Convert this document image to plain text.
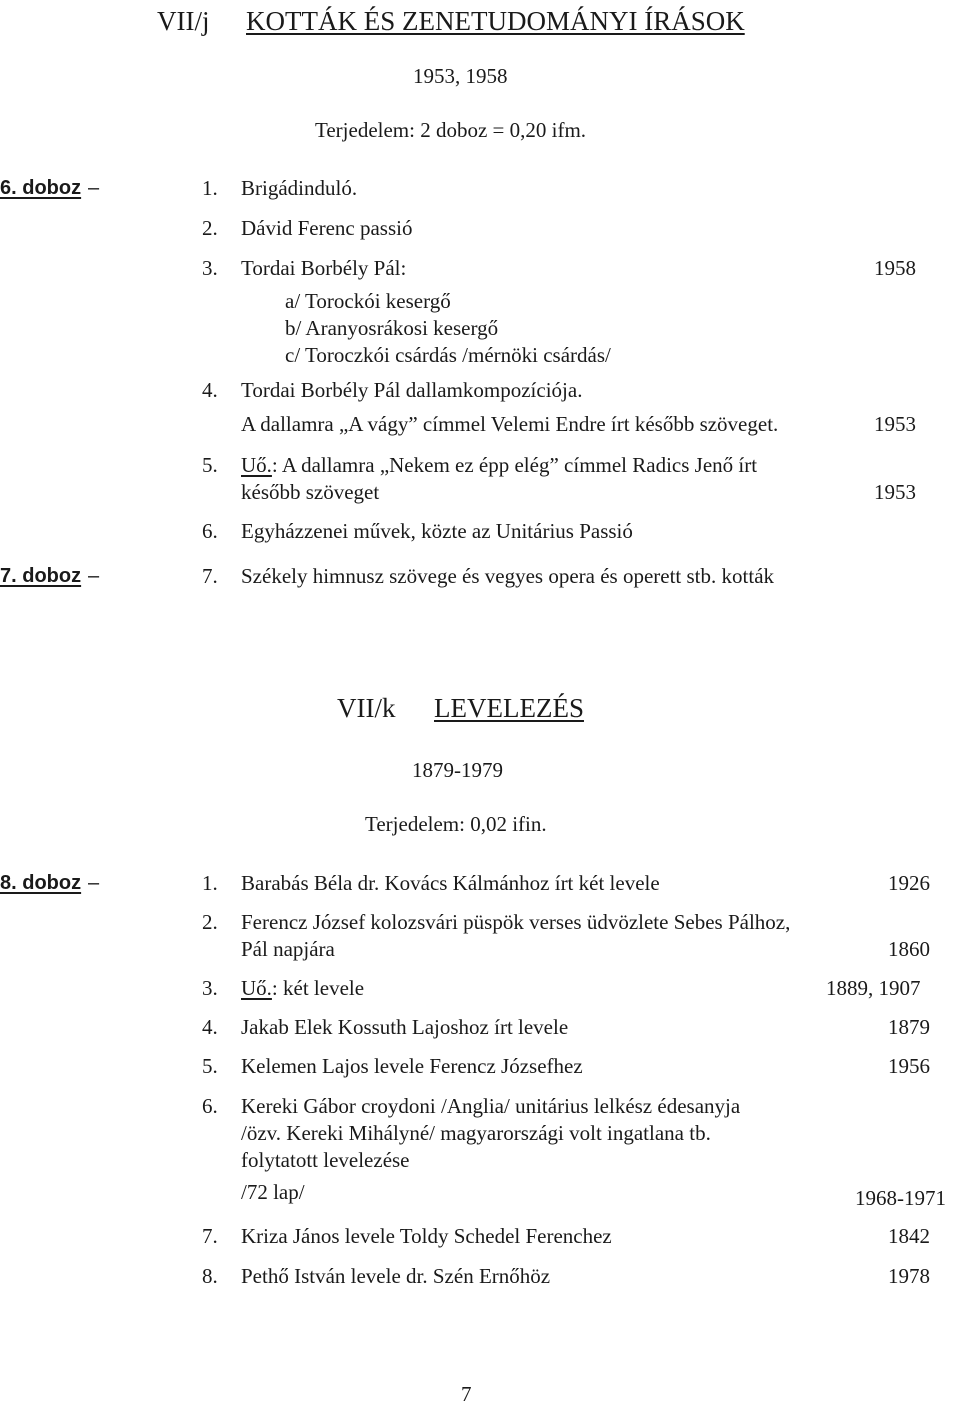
VII/j KOTTÁK ÉS ZENETUDOMÁNYI ÍRÁSOK
1953, 1958
Terjedelem: 2 doboz = 0,20 ifm.
6. doboz –	1. Brigádinduló.
2. Dávid Ferenc passió
3. Tordai Borbély Pál:	1958
a/ Torockói kesergő
b/ Aranyosrákosi kesergő
c/ Toroczkói csárdás /mérnöki csárdás/
4. Tordai Borbély Pál dallamkompozíciója.
A dallamra „A vágy” címmel Velemi Endre írt később szöveget.	1953
5. Uő.: A dallamra „Nekem ez épp elég” címmel Radics Jenő írt
később szöveget	1953
6. Egyházzenei művek, közte az Unitárius Passió
7. doboz –	7. Székely himnusz szövege és vegyes opera és operett stb. kották
VII/k LEVELEZÉS
1879-1979
Terjedelem: 0,02 ifin.
8. doboz –	1. Barabás Béla dr. Kovács Kálmánhoz írt két levele	1926
2. Ferencz József kolozsvári püspök verses üdvözlete Sebes Pálhoz,
Pál napjára	1860
3. Uő.: két levele	1889, 1907
4. Jakab Elek Kossuth Lajoshoz írt levele	1879
5. Kelemen Lajos levele Ferencz Józsefhez	1956
6. Kereki Gábor croydoni /Anglia/ unitárius lelkész édesanyja
/özv. Kereki Mihályné/ magyarországi volt ingatlana tb.
folytatott levelezése
/72 lap/	1968-1971
7. Kriza János levele Toldy Schedel Ferenchez	1842
8. Pethő István levele dr. Szén Ernőhöz	1978
7
